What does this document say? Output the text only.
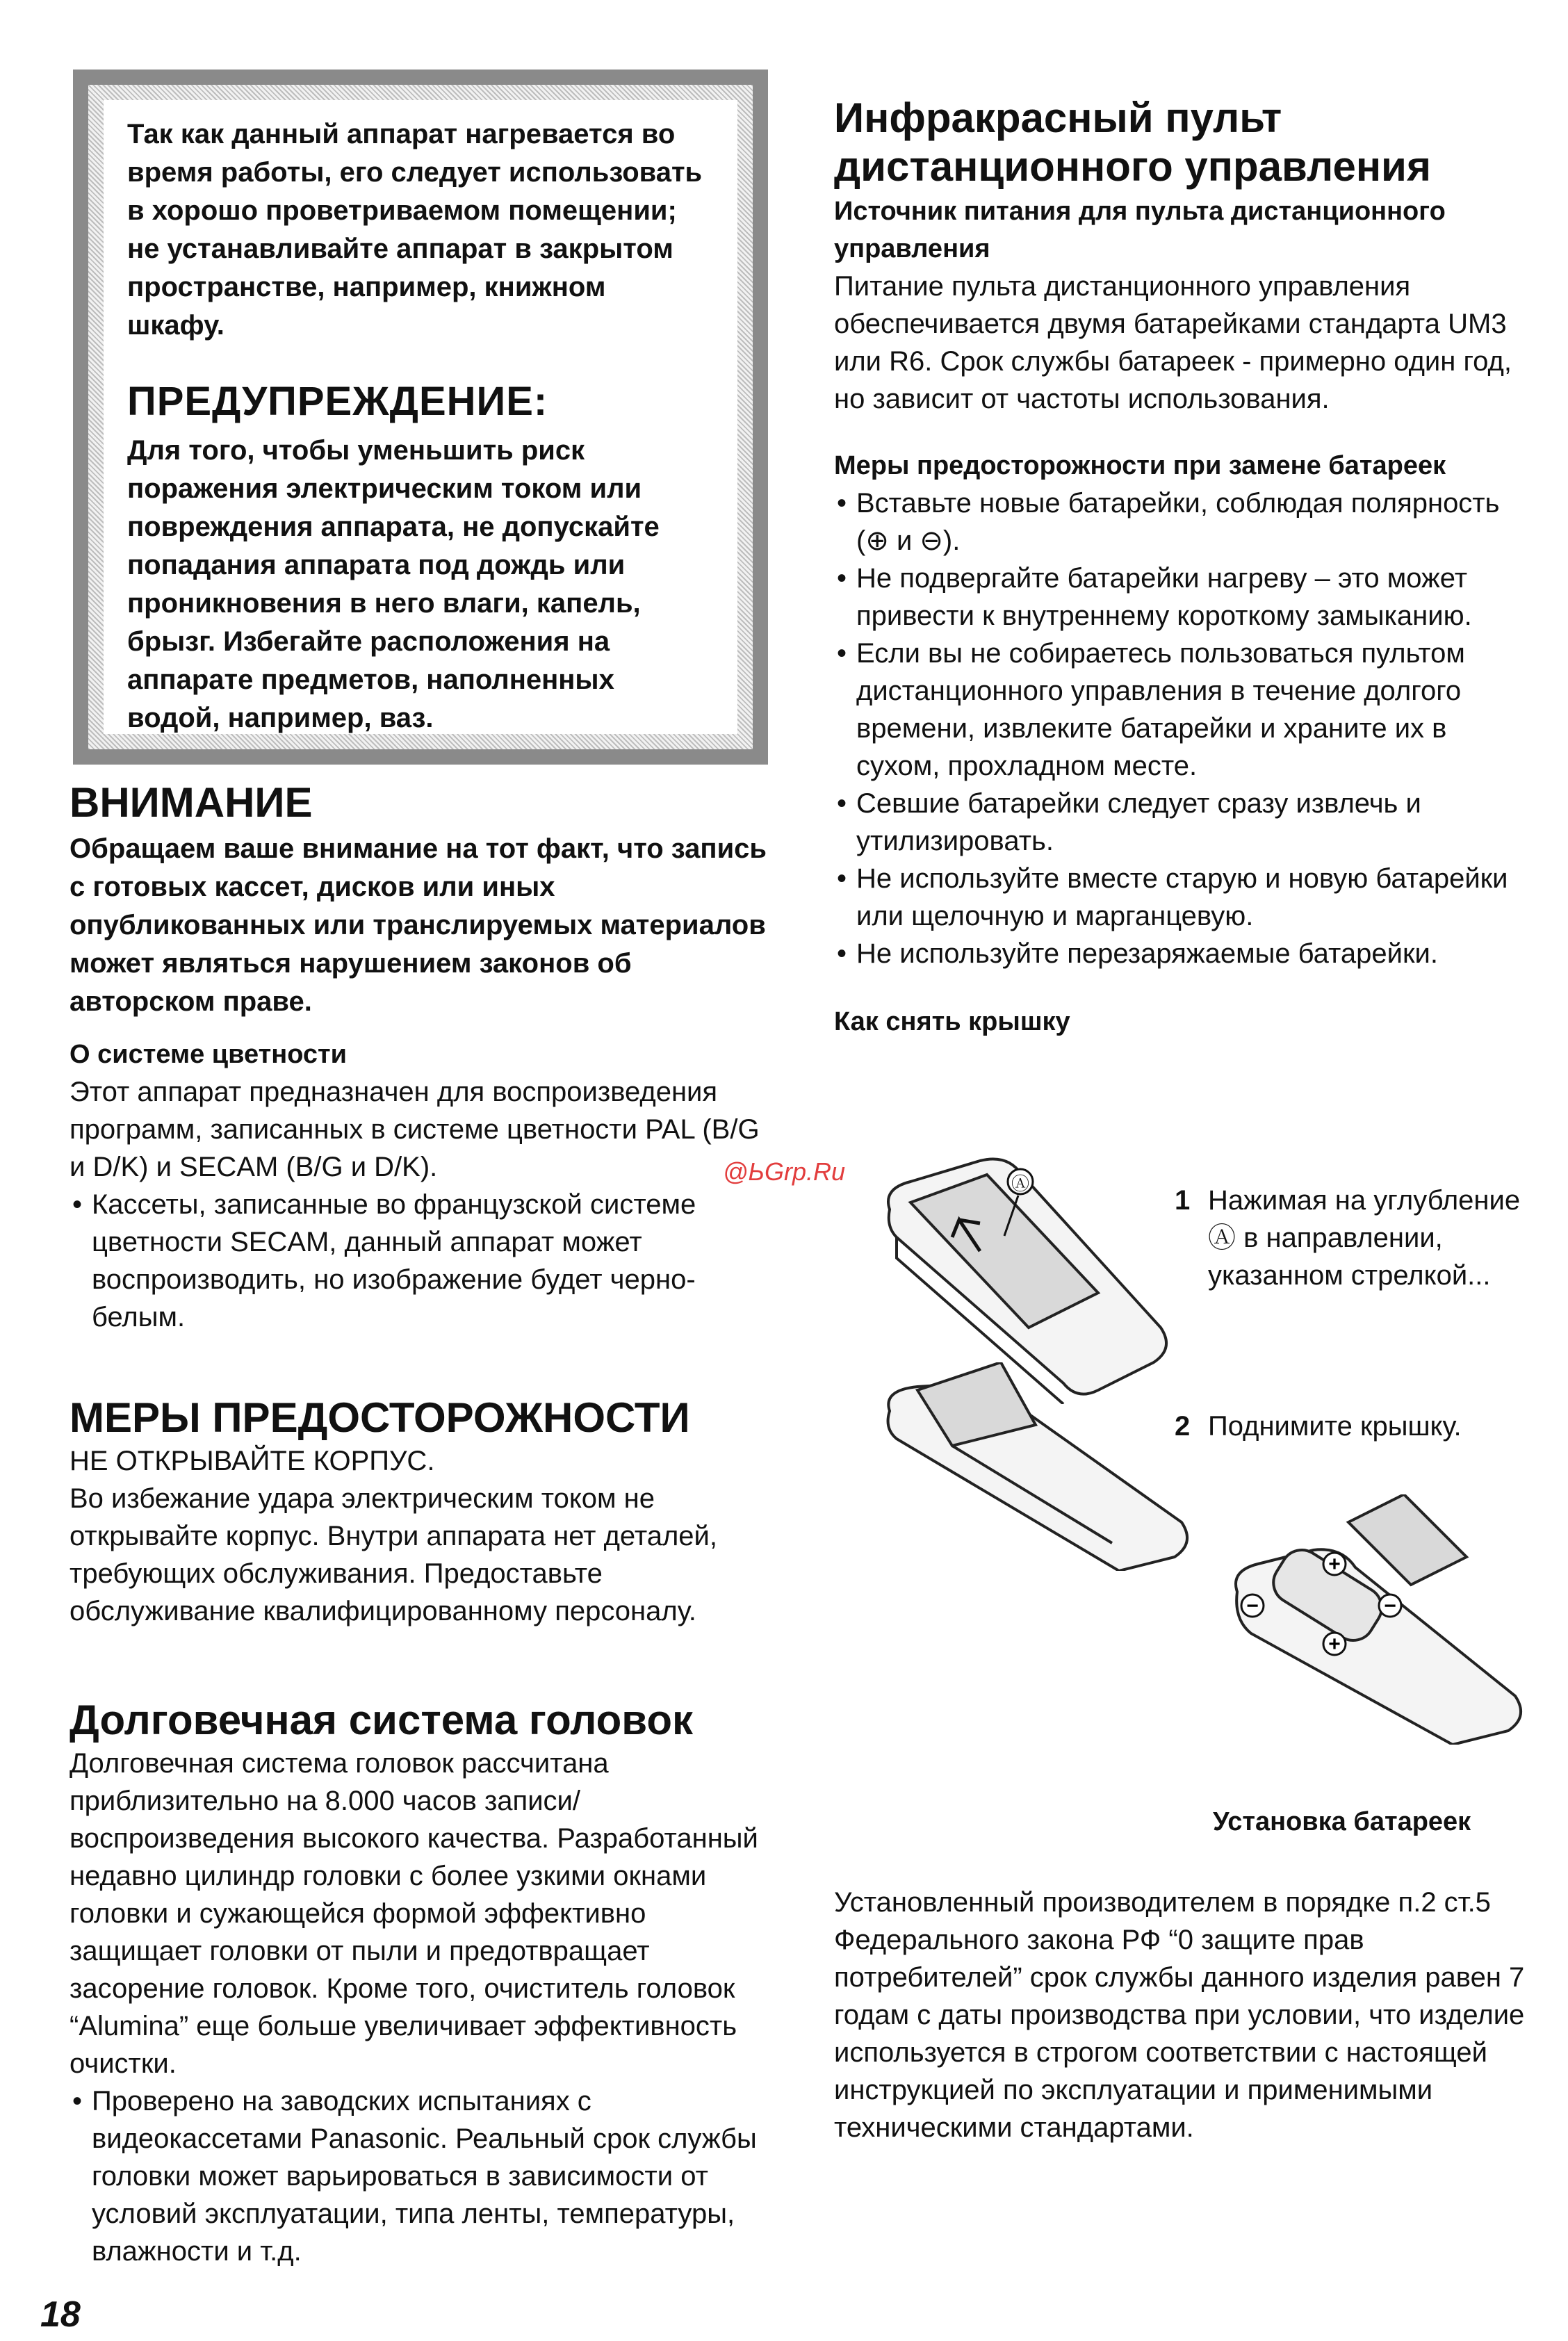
Так как данный аппарат нагревается во время работы, его следует использовать в хорошо проветриваемом помещении; не устанавливайте аппарат в закрытом пространстве, например, книжном шкафу.

ПРЕДУПРЕЖДЕНИЕ:

Для того, чтобы уменьшить риск поражения электрическим током или повреждения аппарата, не допускайте попадания аппарата под дождь или проникновения в него влаги, капель, брызг. Избегайте расположения на аппарате предметов, наполненных водой, например, ваз.

ВНИМАНИЕ

Обращаем ваше внимание на тот факт, что запись с готовых кассет, дисков или иных опубликованных или транслируемых материалов может являться нарушением законов об авторском праве.

О системе цветности

Этот аппарат предназначен для воспроизведения программ, записанных в системе цветности PAL (B/G и D/K) и SECAM (B/G и D/K).

• Кассеты, записанные во французской системе цветности SECAM, данный аппарат может воспроизводить, но изображение будет черно-белым.
МЕРЫ ПРЕДОСТОРОЖНОСТИ

НЕ ОТКРЫВАЙТЕ КОРПУС.

Во избежание удара электрическим током не открывайте корпус. Внутри аппарата нет деталей, требующих обслуживания. Предоставьте обслуживание квалифицированному персоналу.

Долговечная система головок

Долговечная система головок рассчитана приблизительно на 8.000 часов записи/ воспроизведения высокого качества. Разработанный недавно цилиндр головки с более узкими окнами головки и сужающейся формой эффективно защищает головки от пыли и предотвращает засорение головок. Кроме того, очиститель головок “Alumina” еще больше увеличивает эффективность очистки.

• Проверено на заводских испытаниях с видеокассетами Panasonic. Реальный срок службы головки может варьироваться в зависимости от условий эксплуатации, типа ленты, температуры, влажности и т.д.
@ЬGrp.Ru
18
Инфракрасный пульт дистанционного управления
Источник питания для пульта дистанционного управления

Питание пульта дистанционного управления обеспечивается двумя батарейками стандарта UM3 или R6. Срок службы батареек - примерно один год, но зависит от частоты использования.

Меры предосторожности при замене батареек
• Вставьте новые батарейки, соблюдая полярность (⊕ и ⊖).
• Не подвергайте батарейки нагреву – это может привести к внутреннему короткому замыканию.
• Если вы не собираетесь пользоваться пультом дистанционного управления в течение долгого времени, извлеките батарейки и храните их в сухом, прохладном месте.
• Севшие батарейки следует сразу извлечь и утилизировать.
• Не используйте вместе старую и новую батарейки или щелочную и марганцевую.
• Не используйте перезаряжаемые батарейки.
Как снять крышку
Ⓐ
1 Нажимая на углубление Ⓐ в направлении, указанном стрелкой...
2 Поднимите крышку.
+
−	−
+
Установка батареек

Установленный производителем в порядке п.2 ст.5 Федерального закона РФ “0 защите прав потребителей” срок службы данного изделия равен 7 годам с даты производства при условии, что изделие используется в строгом соответствии с настоящей инструкцией по эксплуатации и применимыми техническими стандартами.
